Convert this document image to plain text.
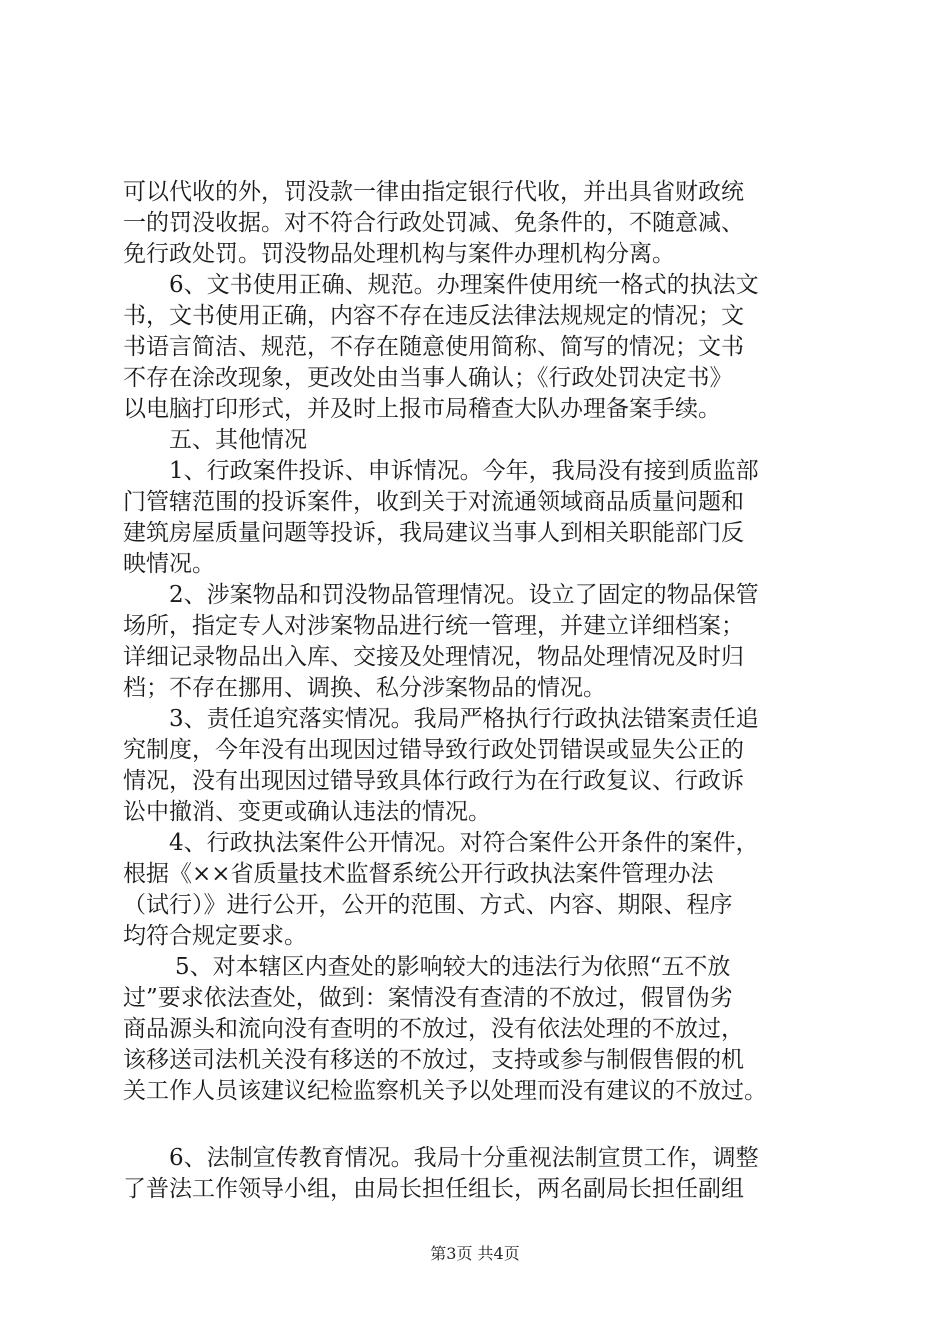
可以代收的外，罚没款一律由指定银行代收，并出具省财政统
一的罚没收据。对不符合行政处罚减、免条件的，不随意减、
免行政处罚。罚没物品处理机构与案件办理机构分离。
6、文书使用正确、规范。办理案件使用统一格式的执法文
书，文书使用正确，内容不存在违反法律法规规定的情况；文
书语言简洁、规范，不存在随意使用简称、简写的情况；文书
不存在涂改现象，更改处由当事人确认；《行政处罚决定书》
以电脑打印形式，并及时上报市局稽查大队办理备案手续。
五、其他情况
1、行政案件投诉、申诉情况。今年，我局没有接到质监部
门管辖范围的投诉案件，收到关于对流通领域商品质量问题和
建筑房屋质量问题等投诉，我局建议当事人到相关职能部门反
映情况。
2、涉案物品和罚没物品管理情况。设立了固定的物品保管
场所，指定专人对涉案物品进行统一管理，并建立详细档案；
详细记录物品出入库、交接及处理情况，物品处理情况及时归
档；不存在挪用、调换、私分涉案物品的情况。
3、责任追究落实情况。我局严格执行行政执法错案责任追
究制度，今年没有出现因过错导致行政处罚错误或显失公正的
情况，没有出现因过错导致具体行政行为在行政复议、行政诉
讼中撤消、变更或确认违法的情况。
4、行政执法案件公开情况。对符合案件公开条件的案件，
根据《××省质量技术监督系统公开行政执法案件管理办法
（试行）》进行公开，公开的范围、方式、内容、期限、程序
均符合规定要求。
5、对本辖区内查处的影响较大的违法行为依照“五不放
过”要求依法查处，做到：案情没有查清的不放过，假冒伪劣
商品源头和流向没有查明的不放过，没有依法处理的不放过，
该移送司法机关没有移送的不放过，支持或参与制假售假的机
关工作人员该建议纪检监察机关予以处理而没有建议的不放过。
6、法制宣传教育情况。我局十分重视法制宣贯工作，调整
了普法工作领导小组，由局长担任组长，两名副局长担任副组
第3页 共4页
